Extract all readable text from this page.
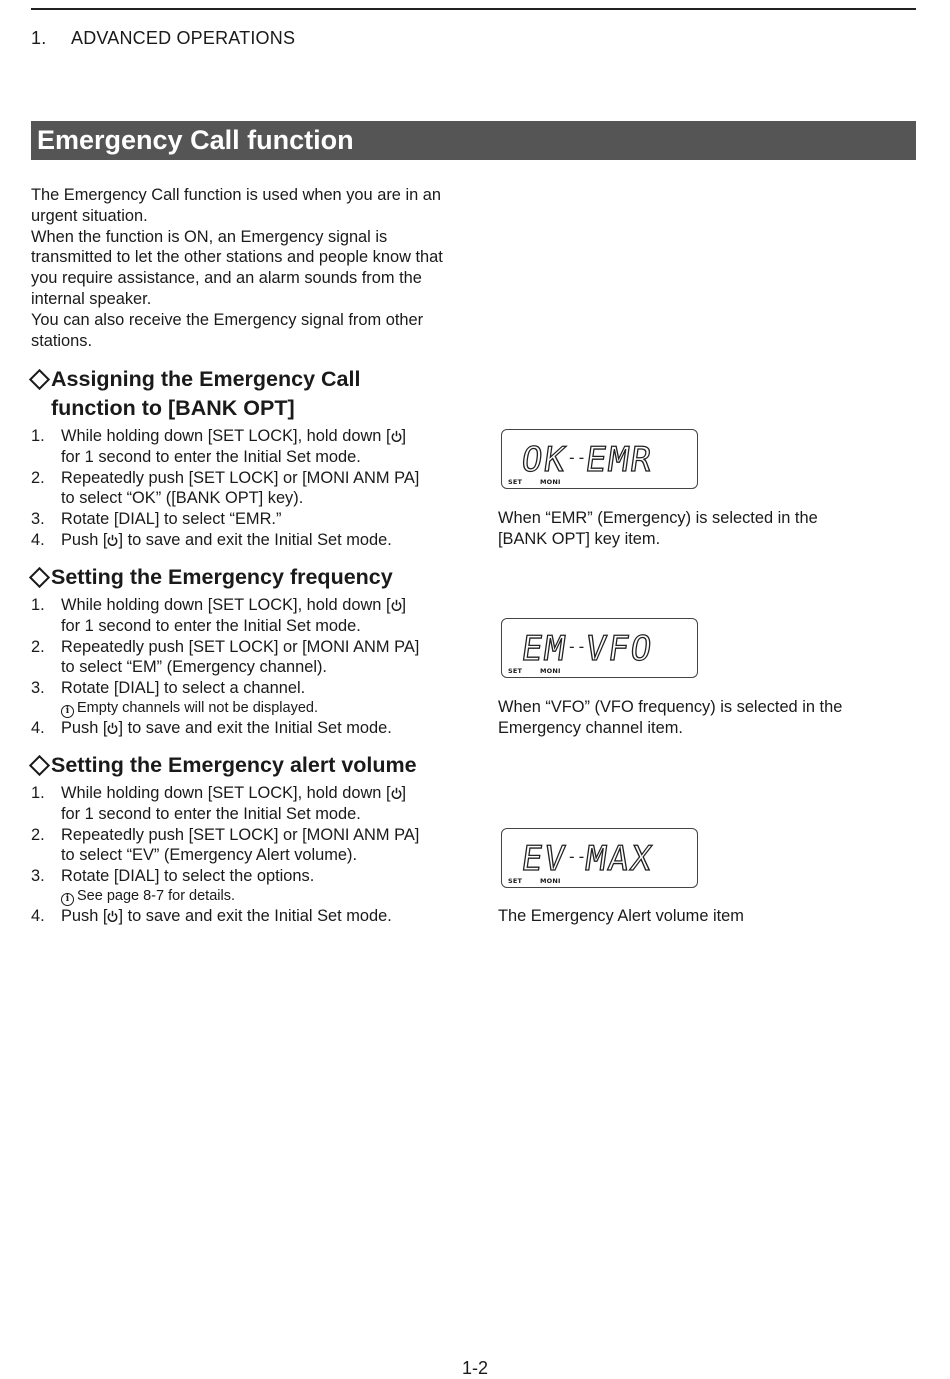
1. ADVANCED OPERATIONS
Emergency Call function

The Emergency Call function is used when you are in an urgent situation.

When the function is ON, an Emergency signal is transmitted to let the other stations and people know that you require assistance, and an alarm sounds from the internal speaker.

You can also receive the Emergency signal from other stations.

Assigning the Emergency Call
function to [BANK OPT]
1. While holding down [SET LOCK], hold down [ ]
for 1 second to enter the Initial Set mode.
2. Repeatedly push [SET LOCK] or [MONI ANM PA]
to select “OK” ([BANK OPT] key).
3. Rotate [DIAL] to select “EMR.”
4. Push [ ] to save and exit the Initial Set mode.
Setting the Emergency frequency
1. While holding down [SET LOCK], hold down [ ]
for 1 second to enter the Initial Set mode.
2. Repeatedly push [SET LOCK] or [MONI ANM PA]
to select “EM” (Emergency channel).
3. Rotate [DIAL] to select a channel.
i Empty channels will not be displayed.
4. Push [ ] to save and exit the Initial Set mode.
Setting the Emergency alert volume
1. While holding down [SET LOCK], hold down [ ]
for 1 second to enter the Initial Set mode.
2. Repeatedly push [SET LOCK] or [MONI ANM PA]
to select “EV” (Emergency Alert volume).
3. Rotate [DIAL] to select the options.
i See page 8-7 for details.
4. Push [ ] to save and exit the Initial Set mode.
OK
--
EMR
SET	MONI
When “EMR” (Emergency) is selected in the
[BANK OPT] key item.
EM
--
VFO
SET	MONI
When “VFO” (VFO frequency) is selected in the
Emergency channel item.
EV
--
MAX
SET	MONI
The Emergency Alert volume item
1-2
